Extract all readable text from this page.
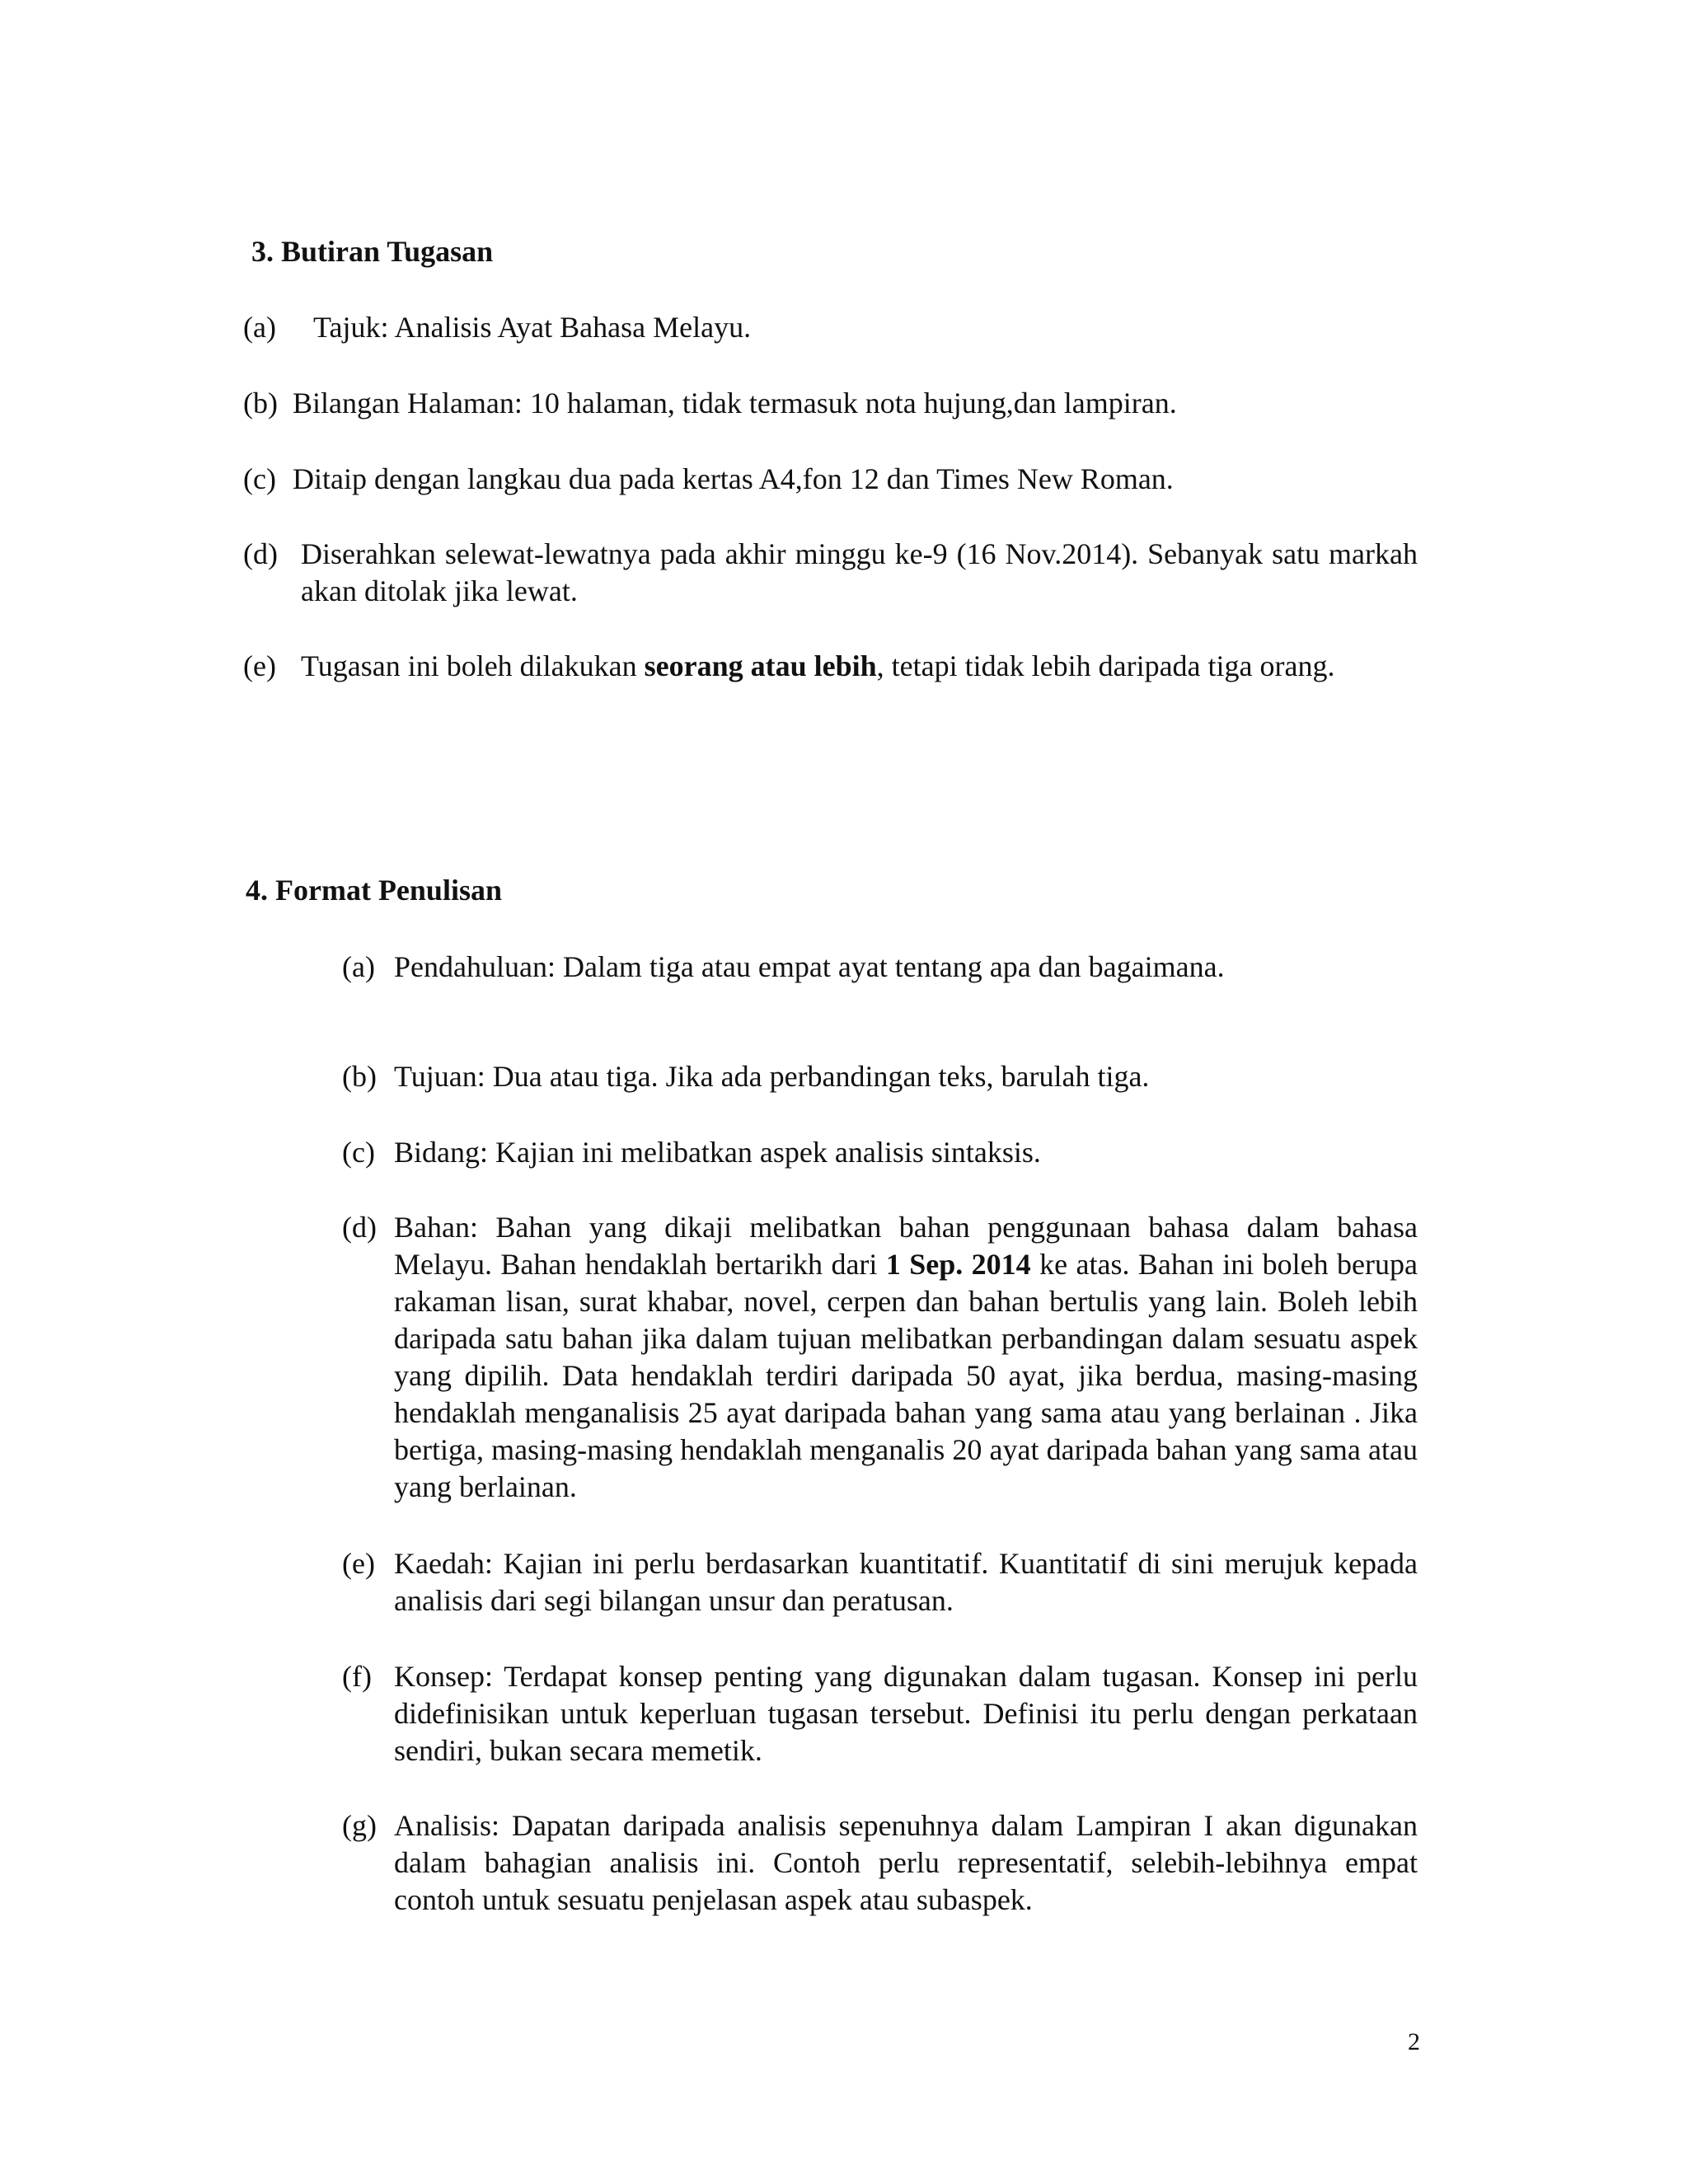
3. Butiran Tugasan
(a)	Tajuk: Analisis Ayat Bahasa Melayu.
(b) Bilangan Halaman: 10 halaman, tidak termasuk nota hujung,dan lampiran.
(c) Ditaip dengan langkau dua pada kertas A4,fon 12 dan Times New Roman.
(d) Diserahkan selewat-lewatnya pada akhir minggu ke-9 (16 Nov.2014). Sebanyak satu markah akan ditolak jika lewat.
(e) Tugasan ini boleh dilakukan seorang atau lebih, tetapi tidak lebih daripada tiga orang.
4. Format Penulisan
(a) Pendahuluan: Dalam tiga atau empat ayat tentang apa dan bagaimana.
(b) Tujuan: Dua atau tiga. Jika ada perbandingan teks, barulah tiga.
(c) Bidang: Kajian ini melibatkan aspek analisis sintaksis.
(d) Bahan: Bahan yang dikaji melibatkan bahan penggunaan bahasa dalam bahasa Melayu. Bahan hendaklah bertarikh dari 1 Sep. 2014 ke atas. Bahan ini boleh berupa rakaman lisan, surat khabar, novel, cerpen dan bahan bertulis yang lain. Boleh lebih daripada satu bahan jika dalam tujuan melibatkan perbandingan dalam sesuatu aspek yang dipilih. Data hendaklah terdiri daripada 50 ayat, jika berdua, masing-masing hendaklah menganalisis 25 ayat daripada bahan yang sama atau yang berlainan . Jika bertiga, masing-masing hendaklah menganalis 20 ayat daripada bahan yang sama atau yang berlainan.
(e) Kaedah: Kajian ini perlu berdasarkan kuantitatif. Kuantitatif di sini merujuk kepada analisis dari segi bilangan unsur dan peratusan.
(f) Konsep: Terdapat konsep penting yang digunakan dalam tugasan. Konsep ini perlu didefinisikan untuk keperluan tugasan tersebut. Definisi itu perlu dengan perkataan sendiri, bukan secara memetik.
(g) Analisis: Dapatan daripada analisis sepenuhnya dalam Lampiran I akan digunakan dalam bahagian analisis ini. Contoh perlu representatif, selebih-lebihnya empat contoh untuk sesuatu penjelasan aspek atau subaspek.
2
